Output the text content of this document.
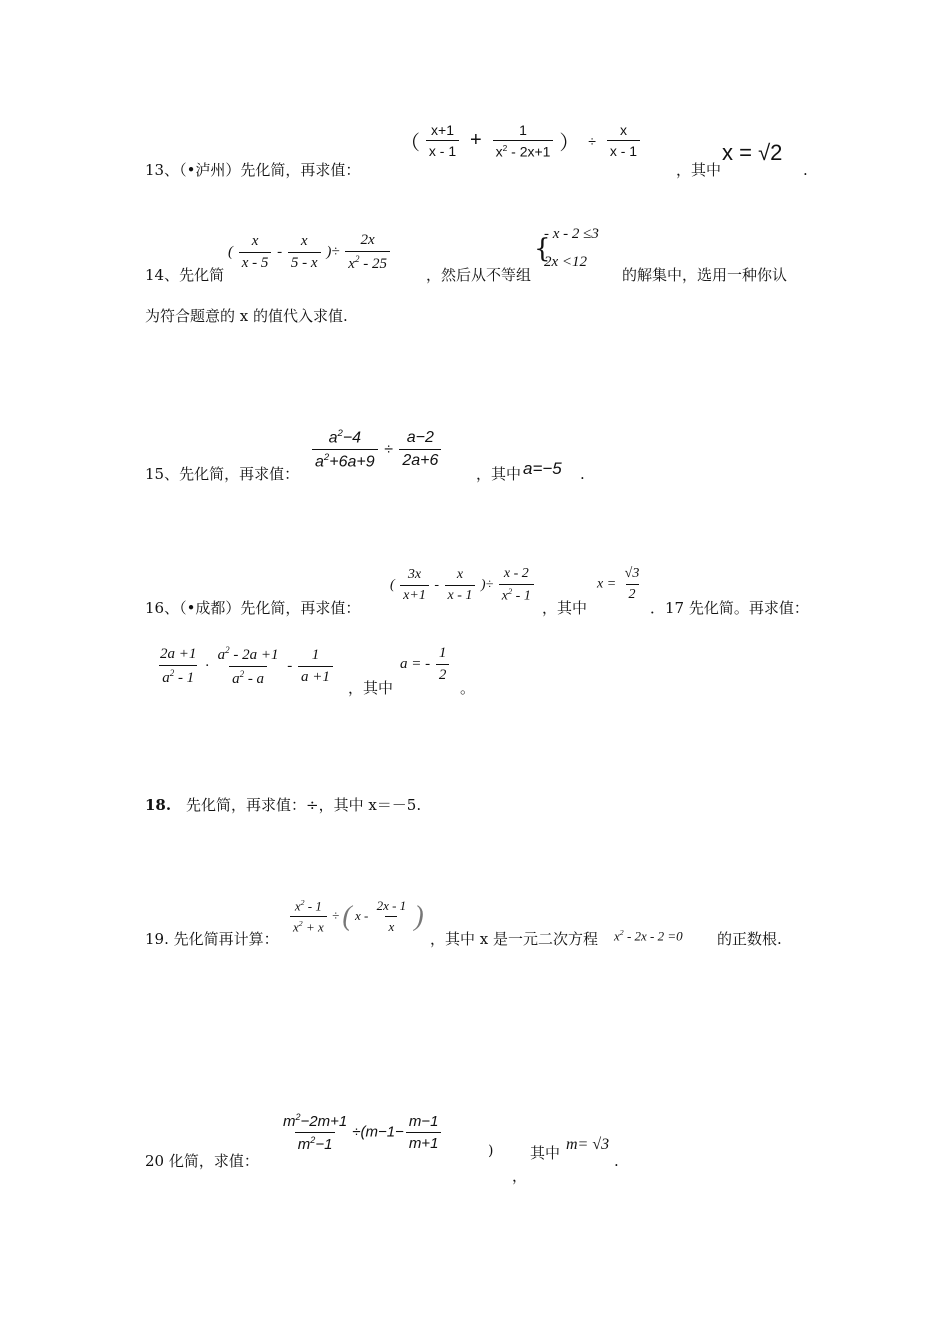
13、（•泸州）先化简，再求值：
（ $\frac{x+1}{x - 1} + \frac{1}{x^2 - 2x+1}$ ） ÷ $\frac{x}{x - 1}$
，其中
x = √2
.
14、先化简
( $\frac{x}{x - 5} - \frac{x}{5 - x}$ )÷ $\frac{2x}{x^2 - 25}$
，然后从不等组
{
- x - 2 ≤3
2x <12
的解集中，选用一种你认
为符合题意的 x 的值代入求值.
15、先化简，再求值：
$\frac{a^2-4}{a^2+6a+9} \div \frac{a-2}{2a+6}$
，其中 a=−5 .
16、（•成都）先化简，再求值：
( $\frac{3x}{x+1} - \frac{x}{x - 1}$ )÷ $\frac{x - 2}{x^2 - 1}$
，其中
$x = \frac{√3}{2}$
．17 先化简。再求值：
$\frac{2a +1}{a^2 - 1} \cdot \frac{a^2 - 2a +1}{a^2 - a} - \frac{1}{a +1}$
，其中
a = - $\frac{1}{2}$
。
18. 先化简，再求值：÷，其中 x＝－5.
19. 先化简再计算：
$\frac{x^2 - 1}{x^2 + x}$ ÷ ( x - $\frac{2x - 1}{x}$ )
，其中 x 是一元二次方程 $x^2 - 2x - 2 =0$ 的正数根.
20 化简，求值：
$\frac{m^2-2m+1}{m^2-1} \div(m-1- \frac{m-1}{m+1}$	) 其中 m= √3
，
.
